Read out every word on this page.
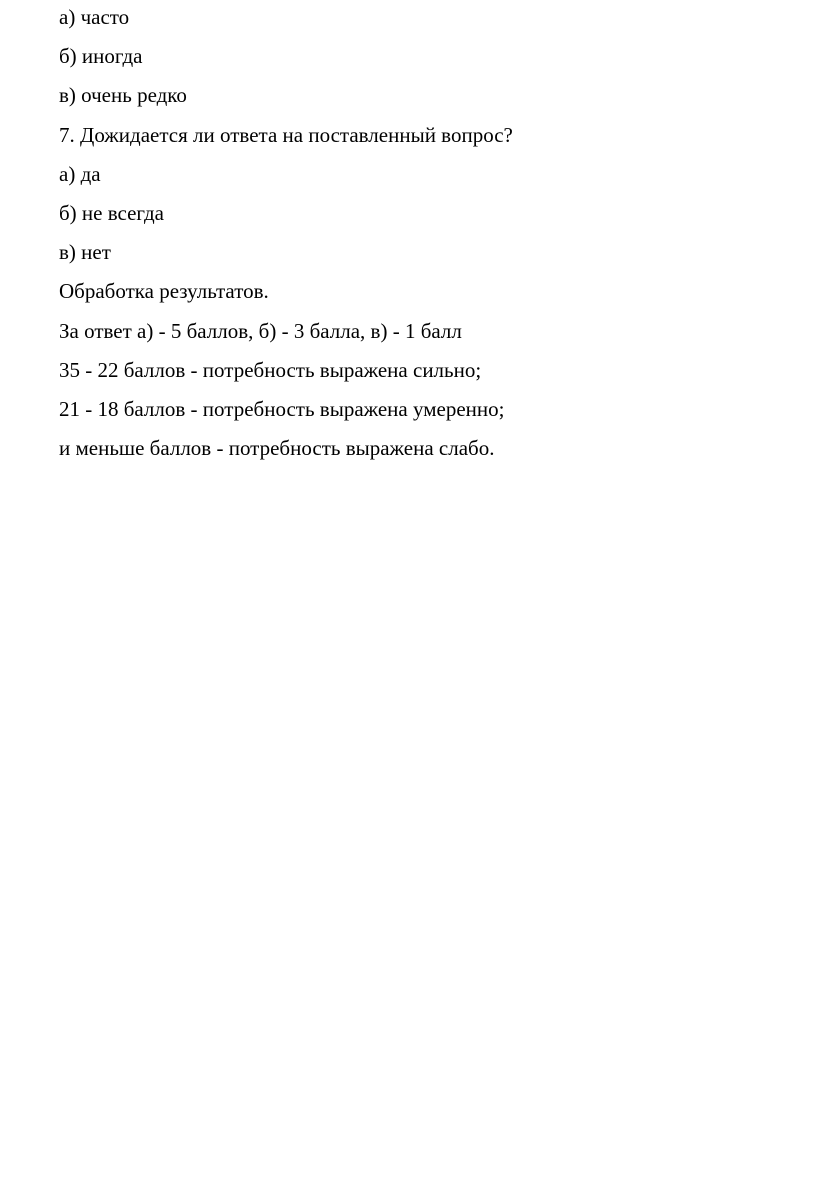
а) часто

б) иногда

в) очень редко

7. Дожидается ли ответа на поставленный вопрос?

а) да

б) не всегда

в) нет

Обработка результатов.

За ответ а) - 5 баллов, б) - 3 балла, в) - 1 балл

35 - 22 баллов - потребность выражена сильно;

21 - 18 баллов - потребность выражена умеренно;

и меньше баллов - потребность выражена слабо.
